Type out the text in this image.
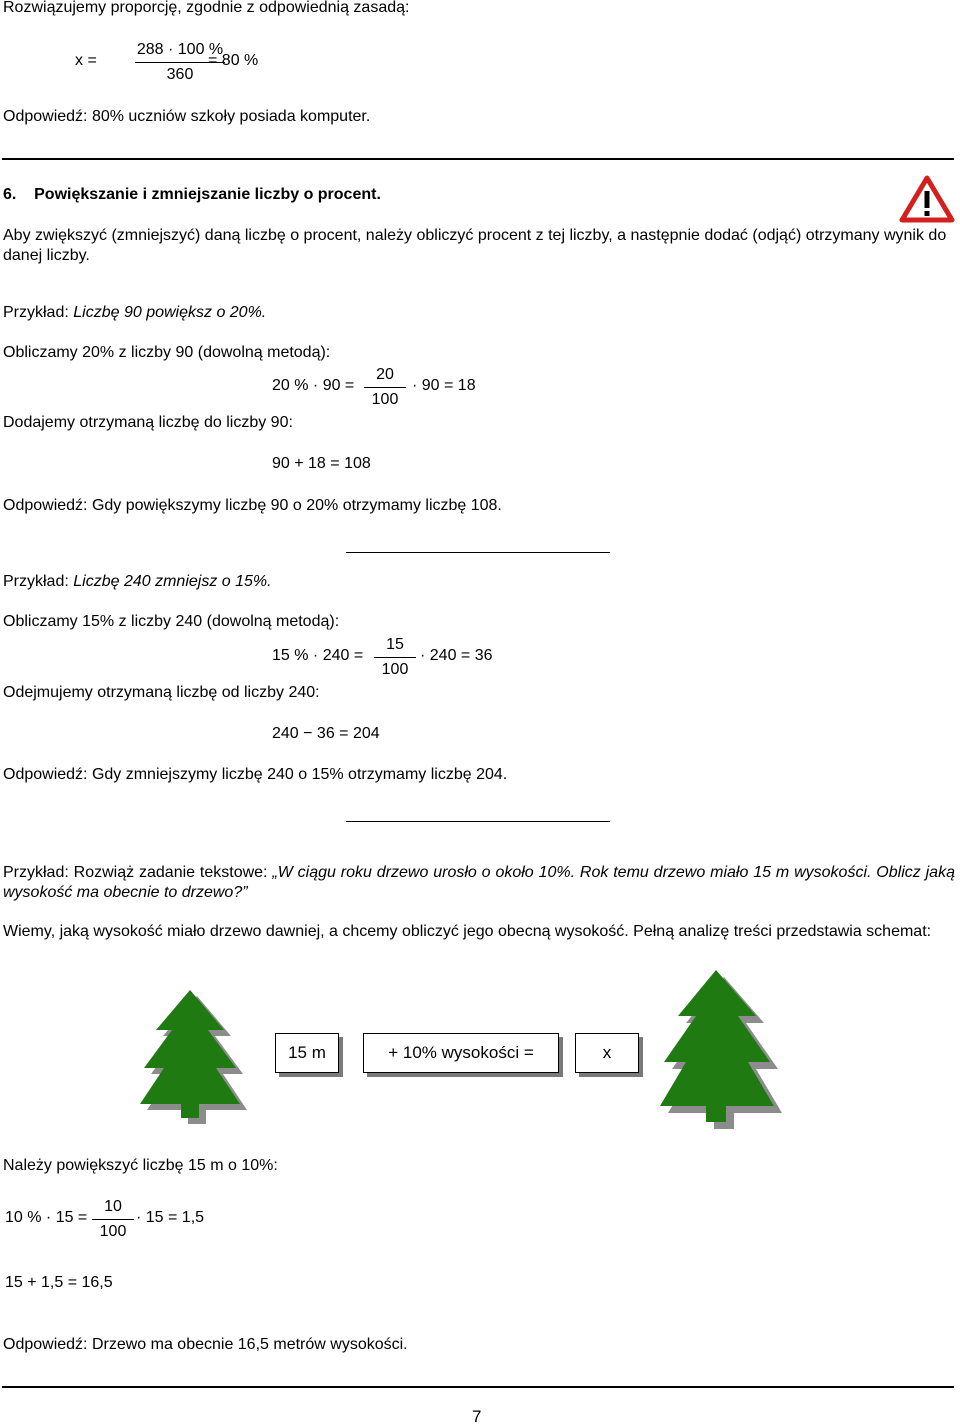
Rozwiązujemy proporcję, zgodnie z odpowiednią zasadą:
x =
288 · 100 %
360
= 80 %
Odpowiedź: 80% uczniów szkoły posiada komputer.
6. Powiększanie i zmniejszanie liczby o procent.
Aby zwiększyć (zmniejszyć) daną liczbę o procent, należy obliczyć procent z tej liczby, a następnie dodać (odjąć) otrzymany wynik do danej liczby.
Przykład: Liczbę 90 powiększ o 20%.
Obliczamy 20% z liczby 90 (dowolną metodą):
20 % · 90 =
20
100
· 90 = 18
Dodajemy otrzymaną liczbę do liczby 90:
90 + 18 = 108
Odpowiedź: Gdy powiększymy liczbę 90 o 20% otrzymamy liczbę 108.
Przykład: Liczbę 240 zmniejsz o 15%.
Obliczamy 15% z liczby 240 (dowolną metodą):
15 % · 240 =
15
100
· 240 = 36
Odejmujemy otrzymaną liczbę od liczby 240:
240 − 36 = 204
Odpowiedź: Gdy zmniejszymy liczbę 240 o 15% otrzymamy liczbę 204.
Przykład: Rozwiąż zadanie tekstowe: „W ciągu roku drzewo urosło o około 10%. Rok temu drzewo miało 15 m wysokości. Oblicz jaką wysokość ma obecnie to drzewo?”
Wiemy, jaką wysokość miało drzewo dawniej, a chcemy obliczyć jego obecną wysokość. Pełną analizę treści przedstawia schemat:
15 m	+ 10% wysokości =	x
Należy powiększyć liczbę 15 m o 10%:
10 % · 15 =
10
100
· 15 = 1,5
15 + 1,5 = 16,5
Odpowiedź: Drzewo ma obecnie 16,5 metrów wysokości.
7
